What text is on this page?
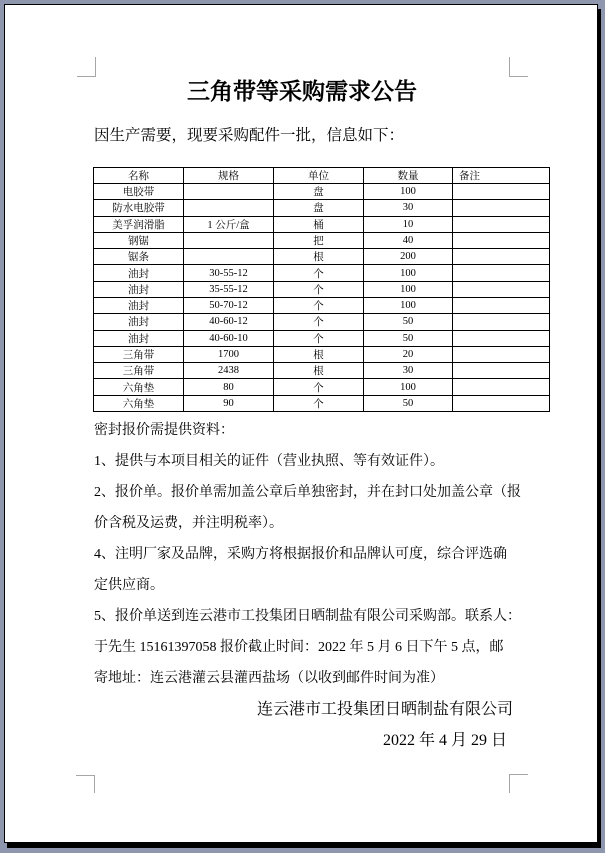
三角带等采购需求公告
因生产需要，现要采购配件一批，信息如下：
名称	规格	单位	数量	备注
电胶带		盘	100	
防水电胶带		盘	30	
美孚润滑脂	1 公斤/盒	桶	10	
钢锯		把	40	
锯条		根	200	
油封	30-55-12	个	100	
油封	35-55-12	个	100	
油封	50-70-12	个	100	
油封	40-60-12	个	50	
油封	40-60-10	个	50	
三角带	1700	根	20	
三角带	2438	根	30	
六角垫	80	个	100	
六角垫	90	个	50	
密封报价需提供资料：
1、提供与本项目相关的证件（营业执照、等有效证件）。
2、报价单。报价单需加盖公章后单独密封，并在封口处加盖公章（报
价含税及运费，并注明税率）。
4、注明厂家及品牌，采购方将根据报价和品牌认可度，综合评选确
定供应商。
5、报价单送到连云港市工投集团日晒制盐有限公司采购部。联系人：
于先生 15161397058 报价截止时间：2022 年 5 月 6 日下午 5 点，邮
寄地址：连云港灌云县灌西盐场（以收到邮件时间为准）
连云港市工投集团日晒制盐有限公司
2022 年 4 月 29 日
